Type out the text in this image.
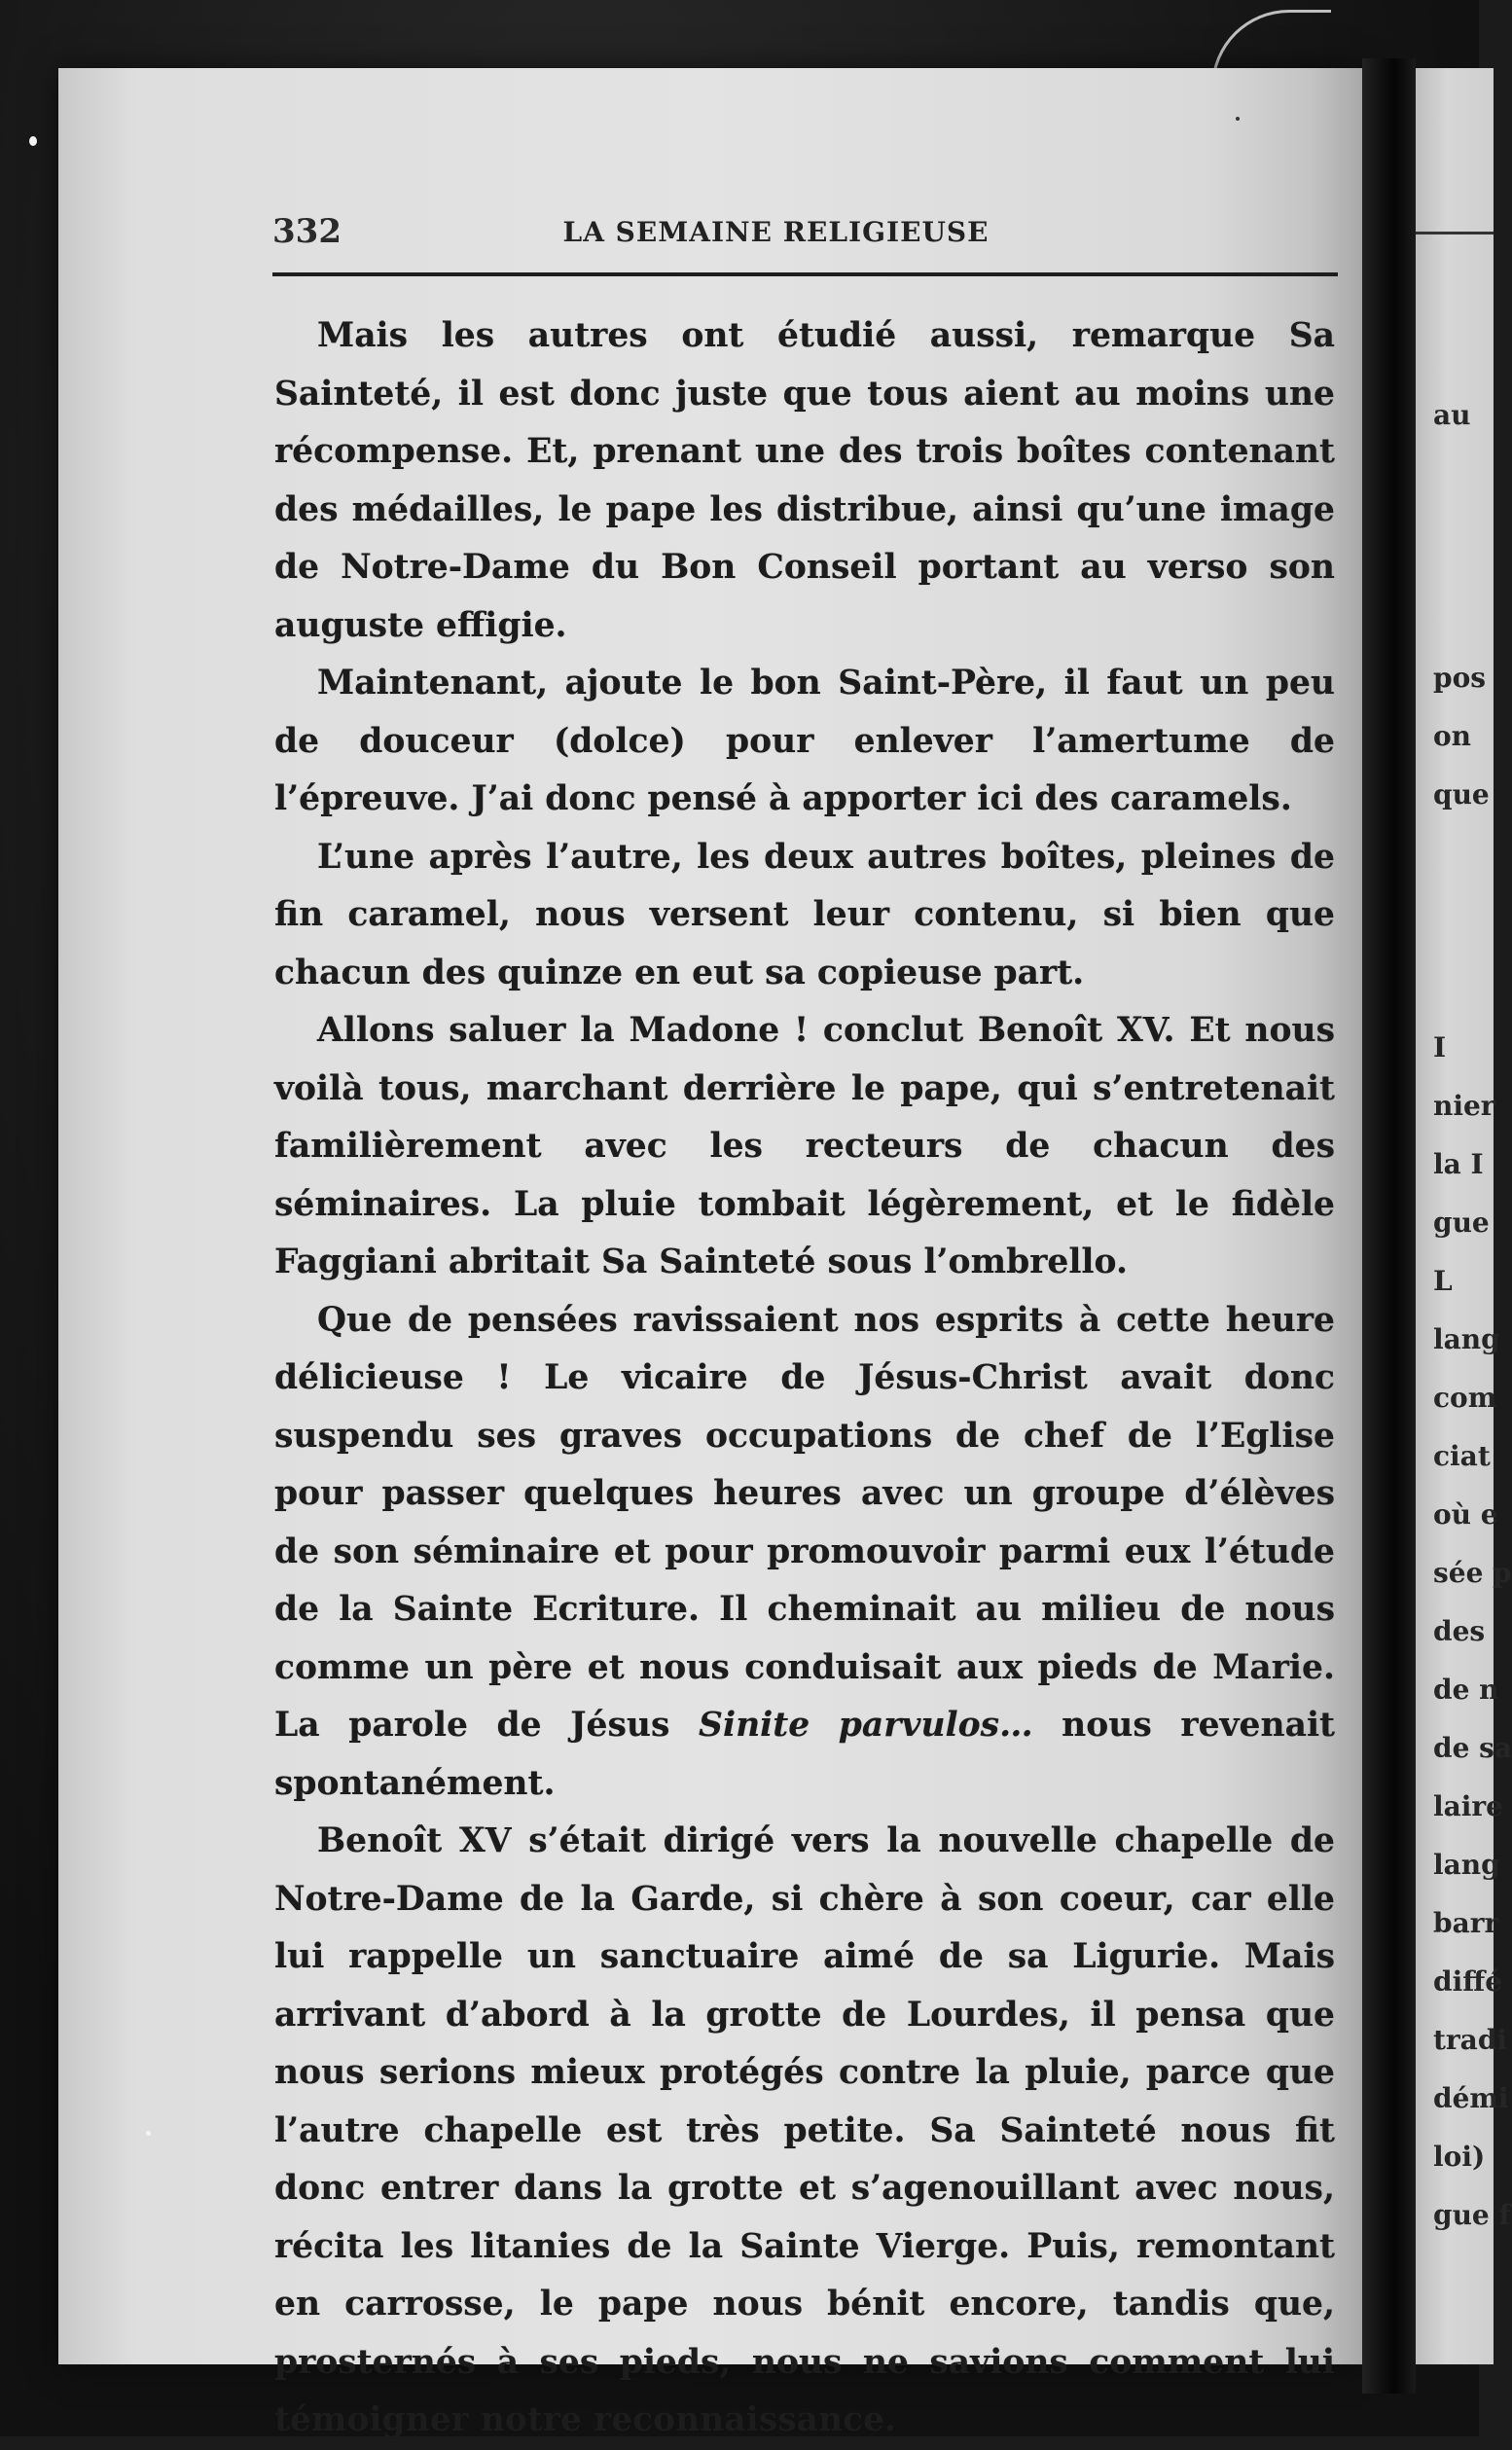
332	LA SEMAINE RELIGIEUSE

Mais les autres ont étudié aussi, remarque Sa Sainteté, il est donc juste que tous aient au moins une récompense. Et, prenant une des trois boîtes contenant des médailles, le pape les distribue, ainsi qu’une image de Notre-Dame du Bon Conseil portant au verso son auguste effigie.

Maintenant, ajoute le bon Saint-Père, il faut un peu de douceur (dolce) pour enlever l’amertume de l’épreuve. J’ai donc pensé à apporter ici des caramels.

L’une après l’autre, les deux autres boîtes, pleines de fin caramel, nous versent leur contenu, si bien que chacun des quinze en eut sa copieuse part.

Allons saluer la Madone ! conclut Benoît XV. Et nous voilà tous, marchant derrière le pape, qui s’entretenait familièrement avec les recteurs de chacun des séminaires. La pluie tombait légèrement, et le fidèle Faggiani abritait Sa Sainteté sous l’ombrello.

Que de pensées ravissaient nos esprits à cette heure délicieuse ! Le vicaire de Jésus-Christ avait donc suspendu ses graves occupations de chef de l’Eglise pour passer quelques heures avec un groupe d’élèves de son séminaire et pour promouvoir parmi eux l’étude de la Sainte Ecriture. Il cheminait au milieu de nous comme un père et nous conduisait aux pieds de Marie. La parole de Jésus Sinite parvulos… nous revenait spontanément.

Benoît XV s’était dirigé vers la nouvelle chapelle de Notre-Dame de la Garde, si chère à son coeur, car elle lui rappelle un sanctuaire aimé de sa Ligurie. Mais arrivant d’abord à la grotte de Lourdes, il pensa que nous serions mieux protégés contre la pluie, parce que l’autre chapelle est très petite. Sa Sainteté nous fit donc entrer dans la grotte et s’agenouillant avec nous, récita les litanies de la Sainte Vierge. Puis, remontant en carrosse, le pape nous bénit encore, tandis que, prosternés à ses pieds, nous ne savions comment lui témoigner notre reconnaissance.

au
pos
on
que
I
nier
la I
gue
L
lang
com
ciat
où e
sée p
des
de n
de sa
laire
lang
barr
diffé
tradi
démi
loi)
gue f
